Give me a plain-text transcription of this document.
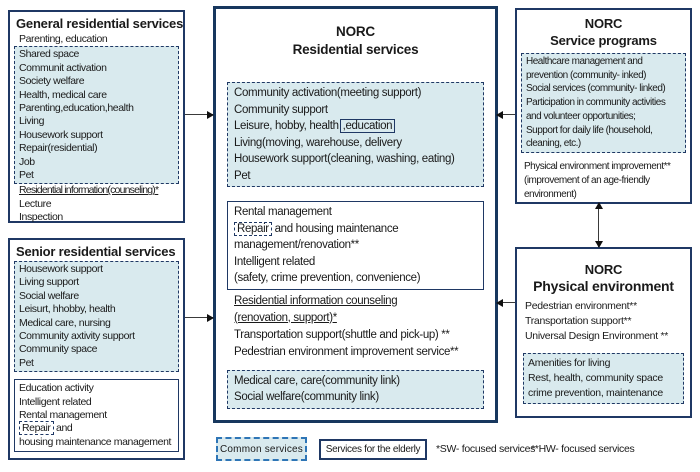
General residential services
Parenting, education
Shared space
Communit activation
Society welfare
Health, medical care
Parenting,education,health
Living
Housework support
Repair(residential)
Job
Pet
Residential information(counseling)*
Lecture
Inspection
Senior residential services
Housework support
Living support
Social welfare
Leisurt, hhobby, health
Medical care, nursing
Community axtivity support
Community space
Pet
Education activity
Intelligent related
Rental management
Repair and
housing maintenance management
NORC
Residential services
Community activation(meeting support)
Community support
Leisure, hobby, health ,education
Living(moving, warehouse, delivery
Housework support(cleaning, washing, eating)
Pet
Rental management
Repair and housing maintenance
management/renovation**
Intelligent related
(safety, crime prevention, convenience)
Residential information counseling
(renovation, support)*
Transportation support(shuttle and pick-up) **
Pedestrian environment improvement service**
Medical care, care(community link)
Social welfare(community link)
NORC
Service programs
Healthcare management and
prevention (community- inked)
Social services (community- linked)
Participation in community activities
and volunteer opportunities;
Support for daily life (household,
cleaning, etc.)
Physical environment improvement**
(improvement of an age-friendly
environment)
NORC
Physical environment
Pedestrian environment**
Transportation support**
Universal Design Environment **
Amenities for living
Rest, health, community space
crime prevention, maintenance
Common services Services for the elderly *SW- focused services
**HW- focused services
